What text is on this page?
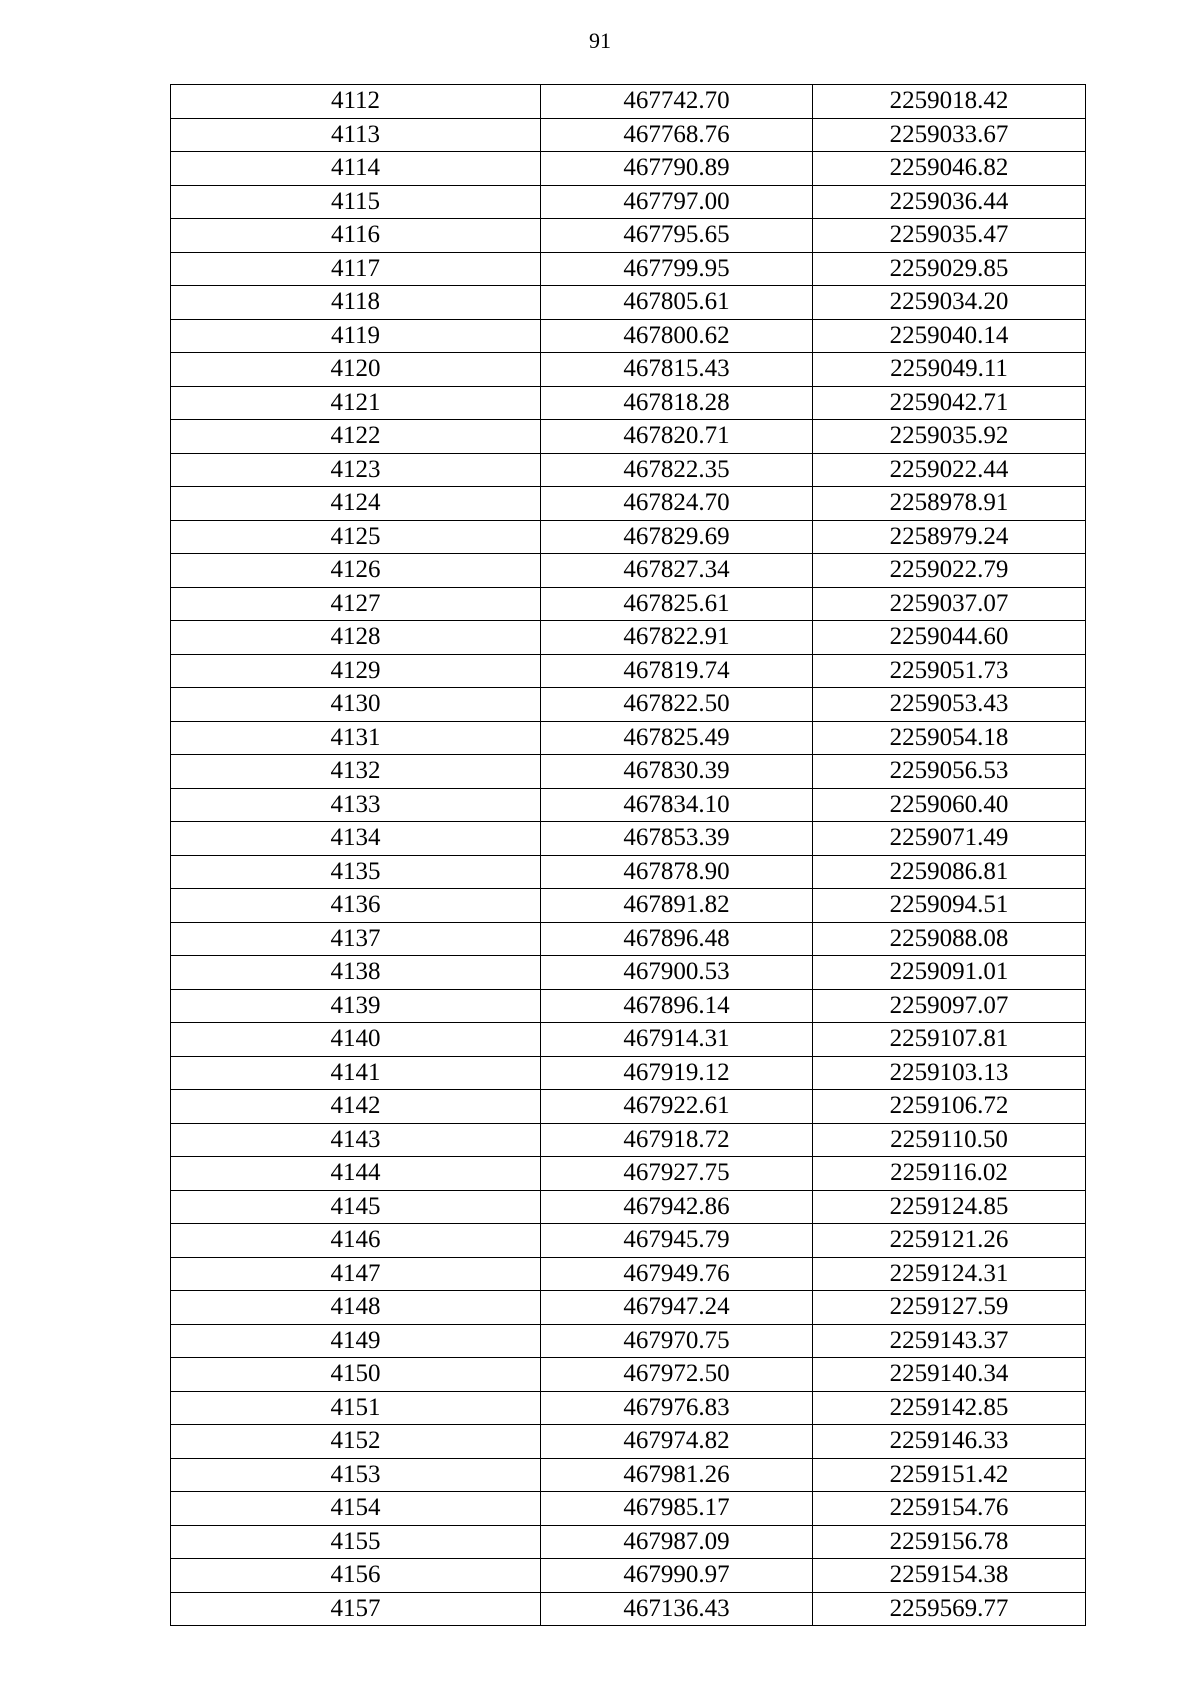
91
4112	467742.70	2259018.42
4113	467768.76	2259033.67
4114	467790.89	2259046.82
4115	467797.00	2259036.44
4116	467795.65	2259035.47
4117	467799.95	2259029.85
4118	467805.61	2259034.20
4119	467800.62	2259040.14
4120	467815.43	2259049.11
4121	467818.28	2259042.71
4122	467820.71	2259035.92
4123	467822.35	2259022.44
4124	467824.70	2258978.91
4125	467829.69	2258979.24
4126	467827.34	2259022.79
4127	467825.61	2259037.07
4128	467822.91	2259044.60
4129	467819.74	2259051.73
4130	467822.50	2259053.43
4131	467825.49	2259054.18
4132	467830.39	2259056.53
4133	467834.10	2259060.40
4134	467853.39	2259071.49
4135	467878.90	2259086.81
4136	467891.82	2259094.51
4137	467896.48	2259088.08
4138	467900.53	2259091.01
4139	467896.14	2259097.07
4140	467914.31	2259107.81
4141	467919.12	2259103.13
4142	467922.61	2259106.72
4143	467918.72	2259110.50
4144	467927.75	2259116.02
4145	467942.86	2259124.85
4146	467945.79	2259121.26
4147	467949.76	2259124.31
4148	467947.24	2259127.59
4149	467970.75	2259143.37
4150	467972.50	2259140.34
4151	467976.83	2259142.85
4152	467974.82	2259146.33
4153	467981.26	2259151.42
4154	467985.17	2259154.76
4155	467987.09	2259156.78
4156	467990.97	2259154.38
4157	467136.43	2259569.77
